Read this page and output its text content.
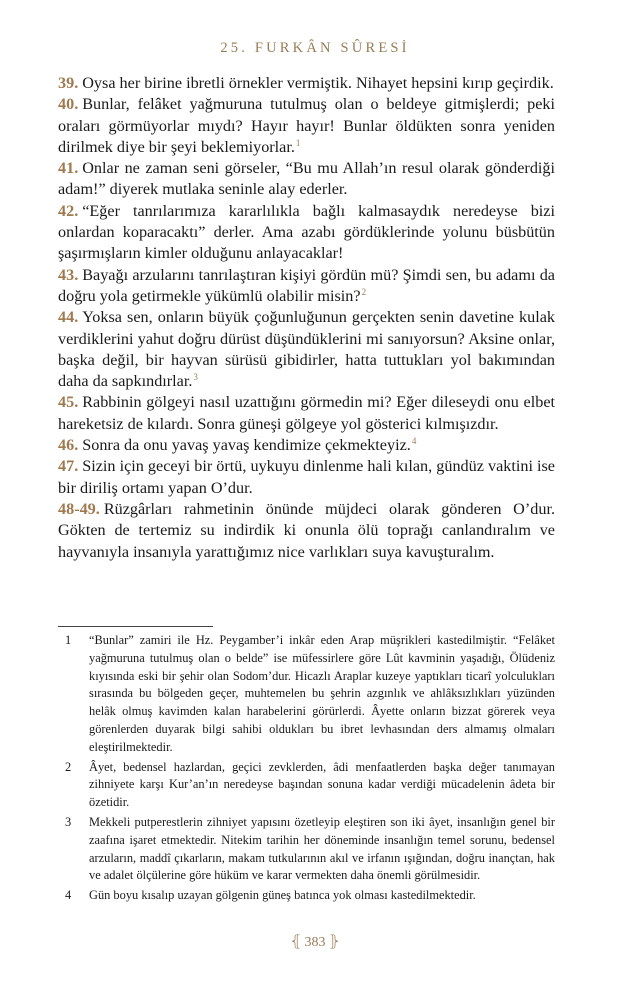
25. FURKÂN SÛRESİ

39. Oysa her birine ibretli örnekler vermiştik. Nihayet hepsini kırıp geçirdik.

40. Bunlar, felâket yağmuruna tutulmuş olan o beldeye gitmişlerdi; peki oraları görmüyorlar mıydı? Hayır hayır! Bunlar öldükten sonra yeniden dirilmek diye bir şeyi beklemiyorlar.$^1$

41. Onlar ne zaman seni görseler, “Bu mu Allah’ın resul olarak gönderdiği adam!” diyerek mutlaka seninle alay ederler.

42. “Eğer tanrılarımıza kararlılıkla bağlı kalmasaydık neredeyse bizi onlardan koparacaktı” derler. Ama azabı gördüklerinde yolunu büsbütün şaşırmışların kimler olduğunu anlayacaklar!

43. Bayağı arzularını tanrılaştıran kişiyi gördün mü? Şimdi sen, bu adamı da doğru yola getirmekle yükümlü olabilir misin?$^2$

44. Yoksa sen, onların büyük çoğunluğunun gerçekten senin davetine kulak verdiklerini yahut doğru dürüst düşündüklerini mi sanıyorsun? Aksine onlar, başka değil, bir hayvan sürüsü gibidirler, hatta tuttukları yol bakımından daha da sapkındırlar.$^3$

45. Rabbinin gölgeyi nasıl uzattığını görmedin mi? Eğer dileseydi onu elbet hareketsiz de kılardı. Sonra güneşi gölgeye yol gösterici kılmışızdır.

46. Sonra da onu yavaş yavaş kendimize çekmekteyiz.$^4$

47. Sizin için geceyi bir örtü, uykuyu dinlenme hali kılan, gündüz vaktini ise bir diriliş ortamı yapan O’dur.

48-49. Rüzgârları rahmetinin önünde müjdeci olarak gönderen O’dur. Gökten de tertemiz su indirdik ki onunla ölü toprağı canlandıralım ve hayvanıyla insanıyla yarattığımız nice varlıkları suya kavuşturalım.

1	“Bunlar” zamiri ile Hz. Peygamber’i inkâr eden Arap müşrikleri kastedilmiştir. “Felâket yağmuruna tutulmuş olan o belde” ise müfessirlere göre Lût kavminin yaşadığı, Ölüdeniz kıyısında eski bir şehir olan Sodom’dur. Hicazlı Araplar kuzeye yaptıkları ticarî yolculukları sırasında bu bölgeden geçer, muhtemelen bu şehrin azgınlık ve ahlâksızlıkları yüzünden helâk olmuş kavimden kalan harabelerini görürlerdi. Âyette onların bizzat görerek veya görenlerden duyarak bilgi sahibi oldukları bu ibret levhasından ders almamış olmaları eleştirilmektedir.
2	Âyet, bedensel hazlardan, geçici zevklerden, âdi menfaatlerden başka değer tanımayan zihniyete karşı Kur’an’ın neredeyse başından sonuna kadar verdiği mücadelenin âdeta bir özetidir.
3	Mekkeli putperestlerin zihniyet yapısını özetleyip eleştiren son iki âyet, insanlığın genel bir zaafına işaret etmektedir. Nitekim tarihin her döneminde insanlığın temel sorunu, bedensel arzuların, maddî çıkarların, makam tutkularının akıl ve irfanın ışığından, doğru inançtan, hak ve adalet ölçülerine göre hüküm ve karar vermekten daha önemli görülmesidir.
4	Gün boyu kısalıp uzayan gölgenin güneş batınca yok olması kastedilmektedir.
⦃ 383 ⦄
